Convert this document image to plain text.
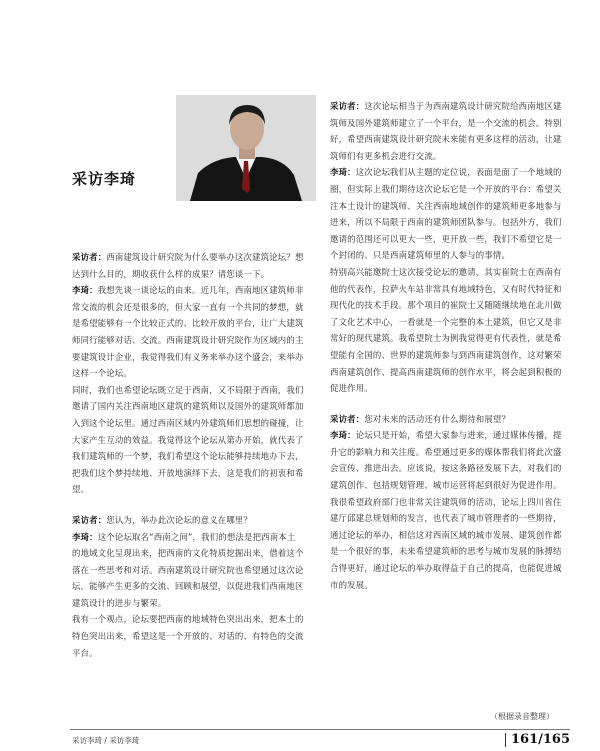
采访李琦

采访者：西南建筑设计研究院为什么要举办这次建筑论坛？想达到什么目的，期收获什么样的成果？请您谈一下。

李琦：我想先谈一谈论坛的由来。近几年，西南地区建筑师非常交流的机会还是很多的，但大家一直有一个共同的梦想，就是希望能够有一个比较正式的、比较开放的平台，让广大建筑师同行能够对话、交流。西南建筑设计研究院作为区域内的主要建筑设计企业，我觉得我们有义务来举办这个盛会，来举办这样一个论坛。

同时，我们也希望论坛既立足于西南，又不局限于西南，我们邀请了国内关注西南地区建筑的建筑师以及国外的建筑师都加入到这个论坛里。通过西南区域内外建筑师们思想的碰撞，让大家产生互动的效益。我觉得这个论坛从第办开始，就代表了我们建筑师的一个梦，我们希望这个论坛能够持续地办下去，把我们这个梦持续地、开放地演绎下去，这是我们的初衷和希望。

采访者：您认为，举办此次论坛的意义在哪里？

李琦：这个论坛取名“西南之间”，我们的想法是把西南本土的地域文化呈现出来，把西南的文化特质挖掘出来，借着这个落在一些思考和对话。西南建筑设计研究院也希望通过这次论坛，能够产生更多的交流、回顾和展望，以促进我们西南地区建筑设计的进步与繁荣。

我有一个观点，论坛要把西南的地域特色突出出来，把本土的特色突出出来，希望这是一个开放的、对话的、有特色的交流平台。

采访者：这次论坛相当于为西南建筑设计研究院给西南地区建筑师及国外建筑师建立了一个平台，是一个交流的机会。特别好，希望西南建筑设计研究院未来能有更多这样的活动，让建筑师们有更多机会进行交流。

李琦：这次论坛我们从主题的定位说，表面是面了一个地域的圈，但实际上我们期待这次论坛它是一个开放的平台：希望关注本土设计的建筑师、关注西南地域创作的建筑师更多地参与进来，所以不局限于西南的建筑师团队参与。包括外方，我们邀请的范围还可以更大一些，更开放一些，我们不希望它是一个封闭的、只是西南建筑师里的人参与的事情。

特别高兴能邀院士这次接受论坛的邀请，其实崔院士在西南有他的代表作，拉萨火车站非常具有地域特色，又有时代特征和现代化的技术手段。那个项目的崔院士又随随继续地在北川做了文化艺术中心，一看就是一个完整的本土建筑，但它又是非常好的现代建筑。我希望院士为例我觉得更有代表性，就是希望能有全国的、世界的建筑师参与到西南建筑创作，这对繁荣西南建筑创作、提高西南建筑师的创作水平，将会起到积极的促进作用。

采访者：您对未来的活动还有什么期待和展望？

李琦：论坛只是开始，希望大家参与进来，通过媒体传播，提升它的影响力和关注度。希望通过更多的媒体帮我们将此次盛会宣传、推进出去。应该说，按这条路径发展下去，对我们的建筑创作、包括规划管理、城市运营将起到很好为促进作用。我很希望政府部门也非常关注建筑师的活动，论坛上四川省住建厅邱建总规划师的发言，也代表了城市管理者的一些期待，通过论坛的举办，相信这对西南区域的城市发展、建筑创作都是一个很好的事，未来希望建筑师的思考与城市发展的脉搏结合得更好，通过论坛的举办取得益于自己的提高，也能促进城市的发展。

（根据录音整理）
采访李琦 / 采访李琦	161/165
